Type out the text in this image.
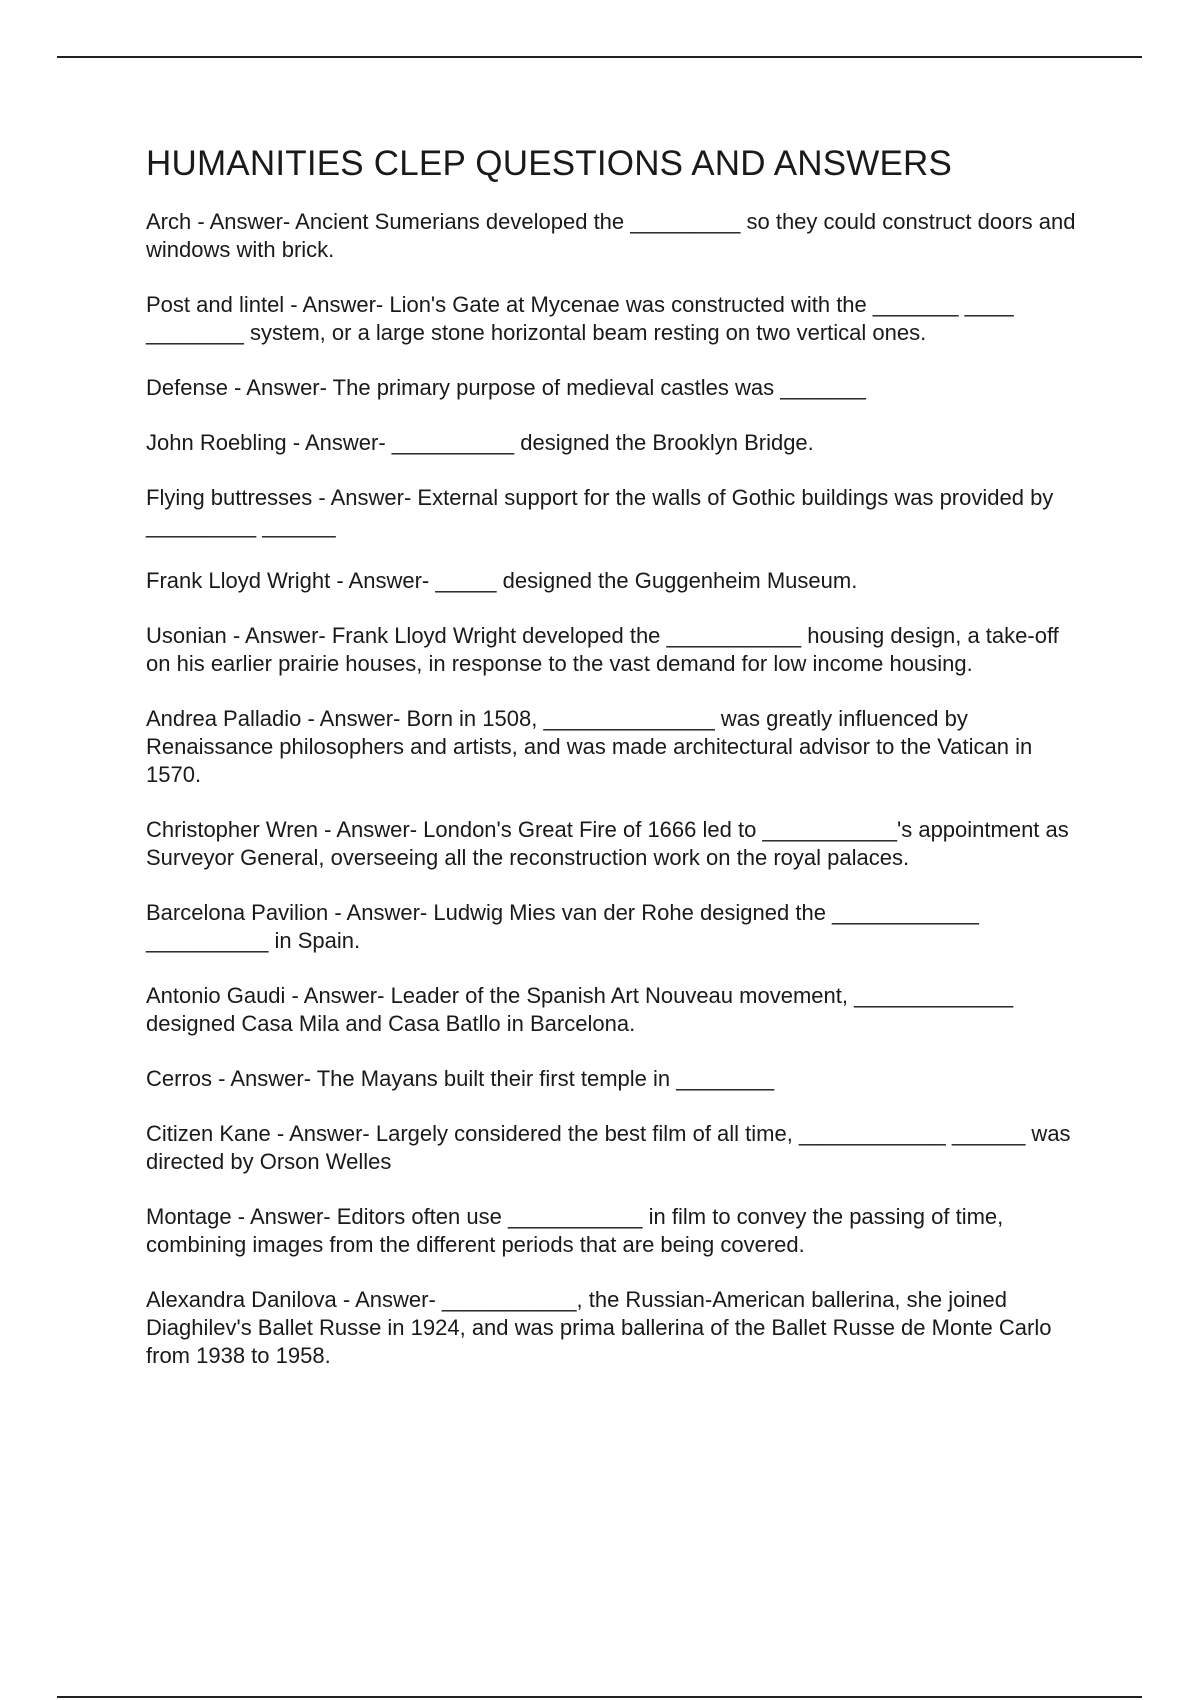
HUMANITIES CLEP QUESTIONS AND ANSWERS
Arch - Answer- Ancient Sumerians developed the _________ so they could construct doors and windows with brick.
Post and lintel - Answer- Lion's Gate at Mycenae was constructed with the _______ ____ ________ system, or a large stone horizontal beam resting on two vertical ones.
Defense - Answer- The primary purpose of medieval castles was _______
John Roebling - Answer- __________ designed the Brooklyn Bridge.
Flying buttresses - Answer- External support for the walls of Gothic buildings was provided by _________ ______
Frank Lloyd Wright - Answer- _____ designed the Guggenheim Museum.
Usonian - Answer- Frank Lloyd Wright developed the ___________ housing design, a take-off on his earlier prairie houses, in response to the vast demand for low income housing.
Andrea Palladio - Answer- Born in 1508, ______________ was greatly influenced by Renaissance philosophers and artists, and was made architectural advisor to the Vatican in 1570.
Christopher Wren - Answer- London's Great Fire of 1666 led to ___________'s appointment as Surveyor General, overseeing all the reconstruction work on the royal palaces.
Barcelona Pavilion - Answer- Ludwig Mies van der Rohe designed the ____________ __________ in Spain.
Antonio Gaudi - Answer- Leader of the Spanish Art Nouveau movement, _____________ designed Casa Mila and Casa Batllo in Barcelona.
Cerros - Answer- The Mayans built their first temple in ________
Citizen Kane - Answer- Largely considered the best film of all time, ____________ ______ was directed by Orson Welles
Montage - Answer- Editors often use ___________ in film to convey the passing of time, combining images from the different periods that are being covered.
Alexandra Danilova - Answer- ___________, the Russian-American ballerina, she joined Diaghilev's Ballet Russe in 1924, and was prima ballerina of the Ballet Russe de Monte Carlo from 1938 to 1958.
